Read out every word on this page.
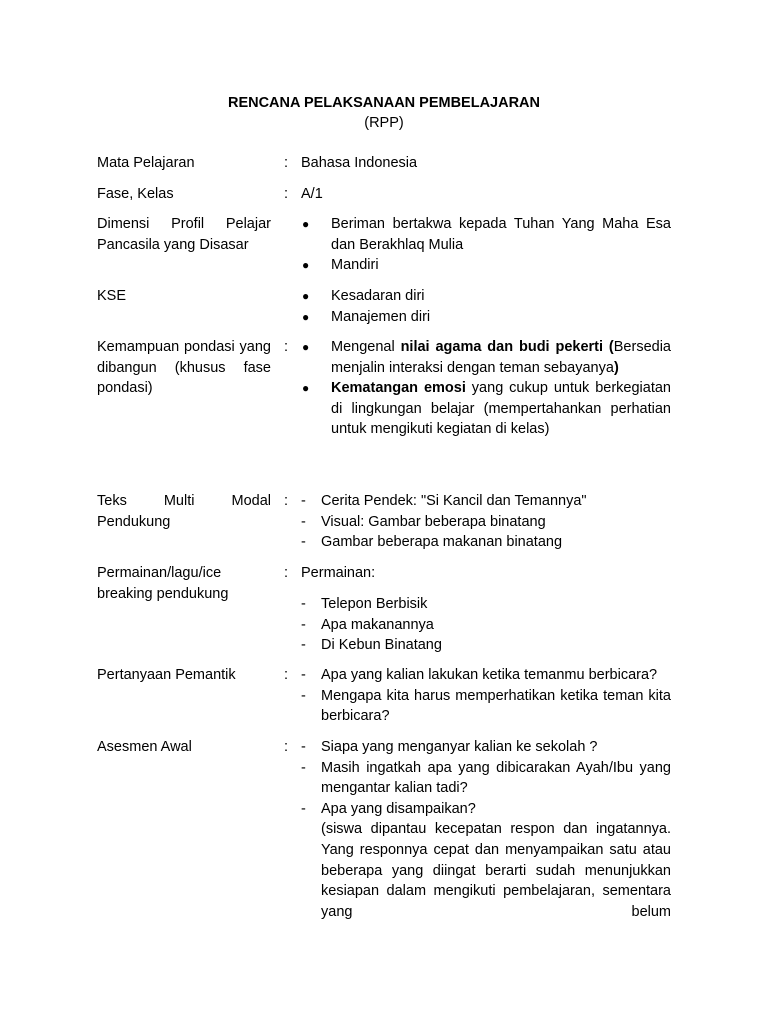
RENCANA PELAKSANAAN PEMBELAJARAN
(RPP)
Mata Pelajaran	: Bahasa Indonesia
Fase, Kelas	: A/1
Dimensi Profil Pelajar Pancasila yang Disasar
● Beriman bertakwa kepada Tuhan Yang Maha Esa dan Berakhlaq Mulia
● Mandiri
KSE	● Kesadaran diri
● Manajemen diri
Kemampuan pondasi yang dibangun (khusus fase pondasi)
: ● Mengenal nilai agama dan budi pekerti (Bersedia menjalin interaksi dengan teman sebayanya)
● Kematangan emosi yang cukup untuk berkegiatan di lingkungan belajar (mempertahankan perhatian untuk mengikuti kegiatan di kelas)
Teks Multi Modal Pendukung
: - Cerita Pendek: "Si Kancil dan Temannya"
- Visual: Gambar beberapa binatang
- Gambar beberapa makanan binatang
Permainan/lagu/ice breaking pendukung
: Permainan:
- Telepon Berbisik
- Apa makanannya
- Di Kebun Binatang
Pertanyaan Pemantik	: - Apa yang kalian lakukan ketika temanmu berbicara?
- Mengapa kita harus memperhatikan ketika teman kita berbicara?
Asesmen Awal	: - Siapa yang menganyar kalian ke sekolah ?
- Masih ingatkah apa yang dibicarakan Ayah/Ibu yang mengantar kalian tadi?
- Apa yang disampaikan?
(siswa dipantau kecepatan respon dan ingatannya. Yang responnya cepat dan menyampaikan satu atau beberapa yang diingat berarti sudah menunjukkan kesiapan dalam mengikuti pembelajaran, sementara yang belum
